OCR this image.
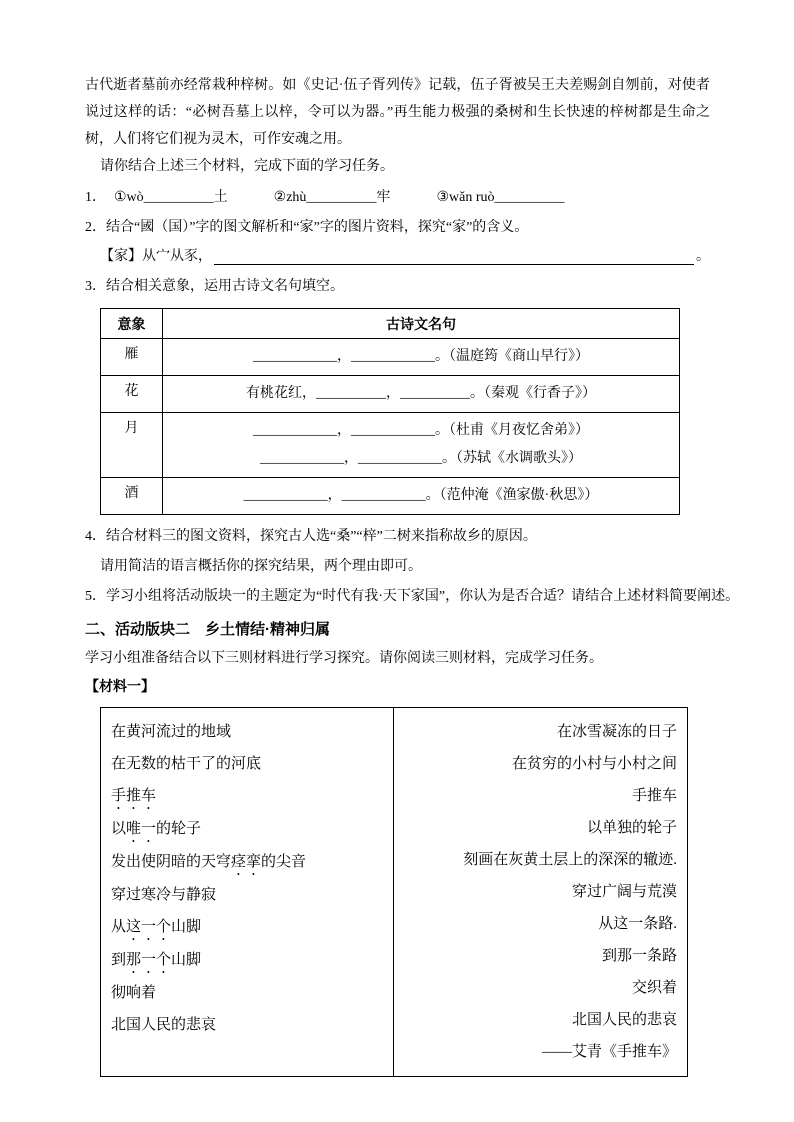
古代逝者墓前亦经常栽种梓树。如《史记·伍子胥列传》记载，伍子胥被吴王夫差赐剑自刎前，对使者说过这样的话：“必树吾墓上以梓，令可以为器。”再生能力极强的桑树和生长快速的梓树都是生命之树，人们将它们视为灵木，可作安魂之用。

请你结合上述三个材料，完成下面的学习任务。

1． ①wò__________土	②zhù__________牢	③wǎn ruò__________
2．结合“國（国）”字的图文解析和“家”字的图片资料，探究“家”的含义。
【家】从宀从豕，	。
3．结合相关意象，运用古诗文名句填空。
意象	古诗文名句
雁	____________，____________。（温庭筠《商山早行》）

花	有桃花红，__________，__________。（秦观《行香子》）

月	____________，____________。（杜甫《月夜忆舍弟》）
____________，____________。（苏轼《水调歌头》）

酒	____________，____________。（范仲淹《渔家傲·秋思》）
4．结合材料三的图文资料，探究古人选“桑”“梓”二树来指称故乡的原因。
请用简洁的语言概括你的探究结果，两个理由即可。
5．学习小组将活动版块一的主题定为“时代有我·天下家国”，你认为是否合适？请结合上述材料简要阐述。
二、活动版块二　乡土情结·精神归属

学习小组准备结合以下三则材料进行学习探究。请你阅读三则材料，完成学习任务。

【材料一】
在黄河流过的地域
在无数的枯干了的河底
手推车
以唯一的轮子
发出使阴暗的天穹痉挛的尖音
穿过寒冷与静寂
从这一个山脚
到那一个山脚
彻响着
北国人民的悲哀
在冰雪凝冻的日子
在贫穷的小村与小村之间
手推车
以单独的轮子
刻画在灰黄土层上的深深的辙迹.
穿过广阔与荒漠
从这一条路.
到那一条路
交织着
北国人民的悲哀
——艾青《手推车》
